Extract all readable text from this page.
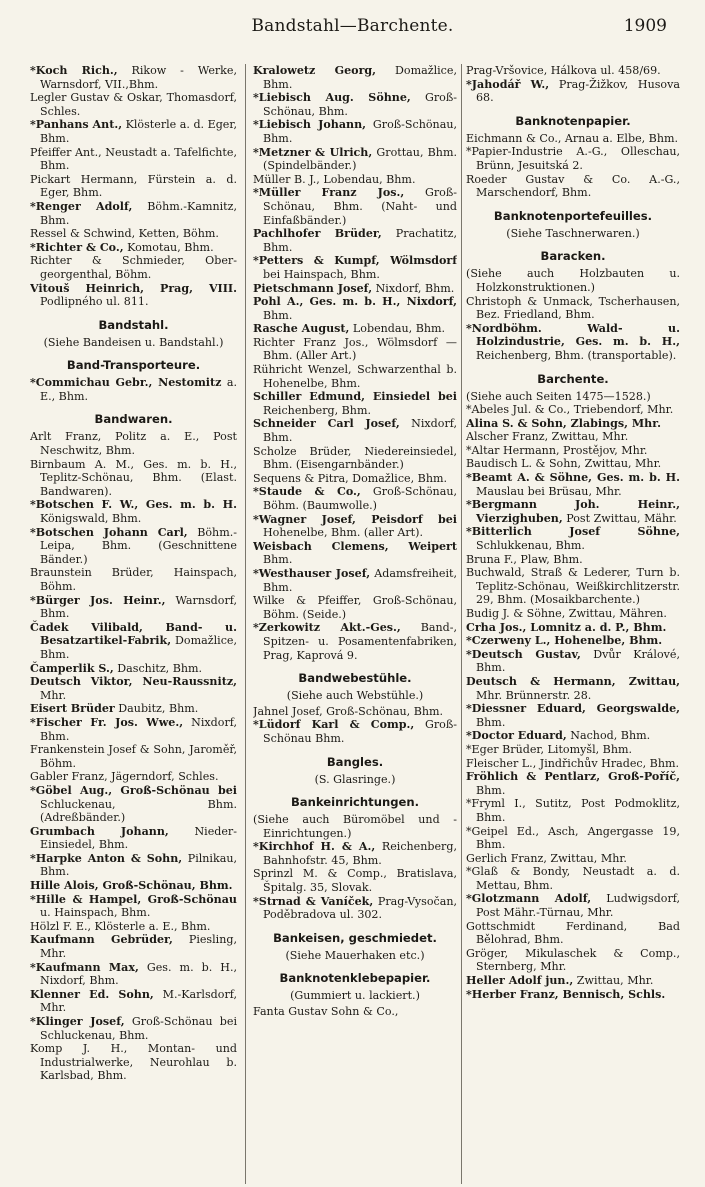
Bandstahl—Barchente.	1909

*Koch Rich., Rikow - Werke, Warnsdorf, VII.,Bhm.

Legler Gustav & Oskar, Thomasdorf, Schles.

*Panhans Ant., Klösterle a. d. Eger, Bhm.

Pfeiffer Ant., Neustadt a. Tafelfichte, Bhm.

Pickart Hermann, Fürstein a. d. Eger, Bhm.

*Renger Adolf, Böhm.-Kamnitz, Bhm.

Ressel & Schwind, Ketten, Böhm.

*Richter & Co., Komotau, Bhm.

Richter & Schmieder, Ober-georgenthal, Böhm.

Vitouš Heinrich, Prag, VIII. Podlipného ul. 811.

Bandstahl.
(Siehe Bandeisen u. Bandstahl.)
Band-Transporteure.

*Commichau Gebr., Nestomitz a. E., Bhm.

Bandwaren.

Arlt Franz, Politz a. E., Post Neschwitz, Bhm.

Birnbaum A. M., Ges. m. b. H., Teplitz-Schönau, Bhm. (Elast. Bandwaren).

*Botschen F. W., Ges. m. b. H. Königswald, Bhm.

*Botschen Johann Carl, Böhm.-Leipa, Bhm. (Geschnittene Bänder.)

Braunstein Brüder, Hainspach, Böhm.

*Bürger Jos. Heinr., Warnsdorf, Bhm.

Čadek Vilibald, Band- u. Besatzartikel-Fabrik, Domažlice, Bhm.

Čamperlik S., Daschitz, Bhm.

Deutsch Viktor, Neu-Raussnitz, Mhr.

Eisert Brüder Daubitz, Bhm.

*Fischer Fr. Jos. Wwe., Nixdorf, Bhm.

Frankenstein Josef & Sohn, Jaroměř, Böhm.

Gabler Franz, Jägerndorf, Schles.

*Göbel Aug., Groß-Schönau bei Schluckenau, Bhm. (Adreßbänder.)

Grumbach Johann, Nieder-Einsiedel, Bhm.

*Harpke Anton & Sohn, Pilnikau, Bhm.

Hille Alois, Groß-Schönau, Bhm.

*Hille & Hampel, Groß-Schönau u. Hainspach, Bhm.

Hölzl F. E., Klösterle a. E., Bhm.

Kaufmann Gebrüder, Piesling, Mhr.

*Kaufmann Max, Ges. m. b. H., Nixdorf, Bhm.

Klenner Ed. Sohn, M.-Karlsdorf, Mhr.

*Klinger Josef, Groß-Schönau bei Schluckenau, Bhm.

Komp J. H., Montan- und Industrialwerke, Neurohlau b. Karlsbad, Bhm.

Kralowetz Georg, Domažlice, Bhm.

*Liebisch Aug. Söhne, Groß-Schönau, Bhm.

*Liebisch Johann, Groß-Schönau, Bhm.

*Metzner & Ulrich, Grottau, Bhm. (Spindelbänder.)

Müller B. J., Lobendau, Bhm.

*Müller Franz Jos., Groß-Schönau, Bhm. (Naht- und Einfaßbänder.)

Pachlhofer Brüder, Prachatitz, Bhm.

*Petters & Kumpf, Wölmsdorf bei Hainspach, Bhm.

Pietschmann Josef, Nixdorf, Bhm.

Pohl A., Ges. m. b. H., Nixdorf, Bhm.

Rasche August, Lobendau, Bhm.

Richter Franz Jos., Wölmsdorf — Bhm. (Aller Art.)

Rühricht Wenzel, Schwarzenthal b. Hohenelbe, Bhm.

Schiller Edmund, Einsiedel bei Reichenberg, Bhm.

Schneider Carl Josef, Nixdorf, Bhm.

Scholze Brüder, Niedereinsiedel, Bhm. (Eisengarnbänder.)

Sequens & Pitra, Domažlice, Bhm.

*Staude & Co., Groß-Schönau, Böhm. (Baumwolle.)

*Wagner Josef, Peisdorf bei Hohenelbe, Bhm. (aller Art).

Weisbach Clemens, Weipert Bhm.

*Westhauser Josef, Adamsfreiheit, Bhm.

Wilke & Pfeiffer, Groß-Schönau, Böhm. (Seide.)

*Zerkowitz Akt.-Ges., Band-, Spitzen- u. Posamentenfabriken, Prag, Kaprová 9.

Bandwebestühle.
(Siehe auch Webstühle.)

Jahnel Josef, Groß-Schönau, Bhm.

*Lüdorf Karl & Comp., Groß-Schönau Bhm.

Bangles.
(S. Glasringe.)
Bankeinrichtungen.

(Siehe auch Büromöbel und -Einrichtungen.)

*Kirchhof H. & A., Reichenberg, Bahnhofstr. 45, Bhm.

Sprinzl M. & Comp., Bratislava, Špitalg. 35, Slovak.

*Strnad & Vaníček, Prag-Vysočan, Poděbradova ul. 302.

Bankeisen, geschmiedet.
(Siehe Mauerhaken etc.)
Banknotenklebepapier.
(Gummiert u. lackiert.)

Fanta Gustav Sohn & Co.,

Prag-Vršovice, Hálkova ul. 458/69.

*Jahodář W., Prag-Žižkov, Husova 68.

Banknotenpapier.

Eichmann & Co., Arnau a. Elbe, Bhm.

*Papier-Industrie A.-G., Olleschau, Brünn, Jesuitská 2.

Roeder Gustav & Co. A.-G., Marschendorf, Bhm.

Banknotenportefeuilles.
(Siehe Taschnerwaren.)
Baracken.

(Siehe auch Holzbauten u. Holzkonstruktionen.)

Christoph & Unmack, Tscherhausen, Bez. Friedland, Bhm.

*Nordböhm. Wald- u. Holzindustrie, Ges. m. b. H., Reichenberg, Bhm. (transportable).

Barchente.

(Siehe auch Seiten 1475—1528.)

*Abeles Jul. & Co., Triebendorf, Mhr.

Alina S. & Sohn, Zlabings, Mhr.

Alscher Franz, Zwittau, Mhr.

*Altar Hermann, Prostějov, Mhr.

Baudisch L. & Sohn, Zwittau, Mhr.

*Beamt A. & Söhne, Ges. m. b. H. Mauslau bei Brüsau, Mhr.

*Bergmann Joh. Heinr., Vierzighuben, Post Zwittau, Mähr.

*Bitterlich Josef Söhne, Schlukkenau, Bhm.

Bruna F., Plaw, Bhm.

Buchwald, Straß & Lederer, Turn b. Teplitz-Schönau, Weißkirchlitzerstr. 29, Bhm. (Mosaikbarchente.)

Budig J. & Söhne, Zwittau, Mähren.

Crha Jos., Lomnitz a. d. P., Bhm.

*Czerweny L., Hohenelbe, Bhm.

*Deutsch Gustav, Dvůr Králové, Bhm.

Deutsch & Hermann, Zwittau, Mhr. Brünnerstr. 28.

*Diessner Eduard, Georgswalde, Bhm.

*Doctor Eduard, Nachod, Bhm.

*Eger Brüder, Litomyšl, Bhm.

Fleischer L., Jindřichův Hradec, Bhm.

Fröhlich & Pentlarz, Groß-Poříč, Bhm.

*Fryml I., Sutitz, Post Podmoklitz, Bhm.

*Geipel Ed., Asch, Angergasse 19, Bhm.

Gerlich Franz, Zwittau, Mhr.

*Glaß & Bondy, Neustadt a. d. Mettau, Bhm.

*Glotzmann Adolf, Ludwigsdorf, Post Mähr.-Türnau, Mhr.

Gottschmidt Ferdinand, Bad Bělohrad, Bhm.

Gröger, Mikulaschek & Comp., Sternberg, Mhr.

Heller Adolf jun., Zwittau, Mhr.

*Herber Franz, Bennisch, Schls.
